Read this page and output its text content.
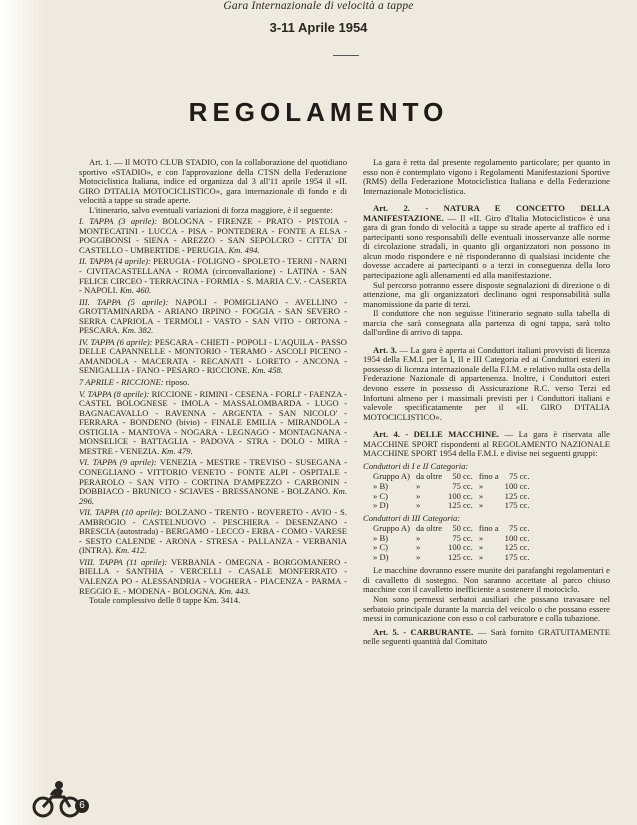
Gara Internazionale di velocità a tappe
3-11 Aprile 1954
REGOLAMENTO

Art. 1. — Il MOTO CLUB STADIO, con la collaborazione del quotidiano sportivo «STADIO», e con l'approvazione della CTSN della Federazione Motociclistica Italiana, indice ed organizza dal 3 all'11 aprile 1954 il «II. GIRO D'ITALIA MOTOCICLISTICO», gara internazionale di fondo e di velocità a tappe su strade aperte.

L'itinerario, salvo eventuali variazioni di forza maggiore, è il seguente:

I. TAPPA (3 aprile): BOLOGNA - FIRENZE - PRATO - PISTOIA - MONTECATINI - LUCCA - PISA - PONTEDERA - FONTE A ELSA - POGGIBONSI - SIENA - AREZZO - SAN SEPOLCRO - CITTA' DI CASTELLO - UMBERTIDE - PERUGIA. Km. 494.

II. TAPPA (4 aprile): PERUGIA - FOLIGNO - SPOLETO - TERNI - NARNI - CIVITACASTELLANA - ROMA (circonvallazione) - LATINA - SAN FELICE CIRCEO - TERRACINA - FORMIA - S. MARIA C.V. - CASERTA - NAPOLI. Km. 460.

III. TAPPA (5 aprile): NAPOLI - POMIGLIANO - AVELLINO - GROTTAMINARDA - ARIANO IRPINO - FOGGIA - SAN SEVERO - SERRA CAPRIOLA - TERMOLI - VASTO - SAN VITO - ORTONA - PESCARA. Km. 382.

IV. TAPPA (6 aprile): PESCARA - CHIETI - POPOLI - L'AQUILA - PASSO DELLE CAPANNELLE - MONTORIO - TERAMO - ASCOLI PICENO - AMANDOLA - MACERATA - RECANATI - LORETO - ANCONA - SENIGALLIA - FANO - PESARO - RICCIONE. Km. 458.

7 APRILE - RICCIONE: riposo.

V. TAPPA (8 aprile): RICCIONE - RIMINI - CESENA - FORLI' - FAENZA - CASTEL BOLOGNESE - IMOLA - MASSALOMBARDA - LUGO - BAGNACAVALLO - RAVENNA - ARGENTA - SAN NICOLO' - FERRARA - BONDENO (bivio) - FINALE EMILIA - MIRANDOLA - OSTIGLIA - MANTOVA - NOGARA - LEGNAGO - MONTAGNANA - MONSELICE - BATTAGLIA - PADOVA - STRA - DOLO - MIRA - MESTRE - VENEZIA. Km. 479.

VI. TAPPA (9 aprile): VENEZIA - MESTRE - TREVISO - SUSEGANA - CONEGLIANO - VITTORIO VENETO - FONTE ALPI - OSPITALE - PERAROLO - SAN VITO - CORTINA D'AMPEZZO - CARBONIN - DOBBIACO - BRUNICO - SCIAVES - BRESSANONE - BOLZANO. Km. 296.

VII. TAPPA (10 aprile): BOLZANO - TRENTO - ROVERETO - AVIO - S. AMBROGIO - CASTELNUOVO - PESCHIERA - DESENZANO - BRESCIA (autostrada) - BERGAMO - LECCO - ERBA - COMO - VARESE - SESTO CALENDE - ARONA - STRESA - PALLANZA - VERBANIA (INTRA). Km. 412.

VIII. TAPPA (11 aprile): VERBANIA - OMEGNA - BORGOMANERO - BIELLA - SANTHIA - VERCELLI - CASALE MONFERRATO - VALENZA PO - ALESSANDRIA - VOGHERA - PIACENZA - PARMA - REGGIO E. - MODENA - BOLOGNA. Km. 443.

Totale complessivo delle 8 tappe Km. 3414.

La gara è retta dal presente regolamento particolare; per quanto in esso non è contemplato vigono i Regolamenti Manifestazioni Sportive (RMS) della Federazione Motociclistica Italiana e della Federazione Internazionale Motociclistica.

Art. 2. - NATURA E CONCETTO DELLA MANIFESTAZIONE. — Il «II. Giro d'Italia Motociclistico» è una gara di gran fondo di velocità a tappe su strade aperte al traffico ed i partecipanti sono responsabili delle eventuali inosservanze alle norme di circolazione stradali, in quanto gli organizzatori non possono in alcun modo rispondere e nè risponderanno di qualsiasi incidente che dovesse accadere ai partecipanti o a terzi in conseguenza della loro partecipazione agli allenamenti ed alla manifestazione.

Sul percorso potranno essere disposte segnalazioni di direzione o di attenzione, ma gli organizzatori declinano ogni responsabilità sulla manomissione da parte di terzi.

Il conduttore che non seguisse l'itinerario segnato sulla tabella di marcia che sarà consegnata alla partenza di ogni tappa, sarà tolto dall'ordine di arrivo di tappa.

Art. 3. — La gara è aperta ai Conduttori italiani provvisti di licenza 1954 della F.M.I. per la I, II e III Categoria ed ai Conduttori esteri in possesso di licenza internazionale della F.I.M. e relativo nulla osta della Federazione Nazionale di appartenenza. Inoltre, i Conduttori esteri devono essere in possesso di Assicurazione R.C. verso Terzi ed Infortuni almeno per i massimali previsti per i Conduttori italiani e valevole specificatamente per il «II. GIRO D'ITALIA MOTOCICLISTICO».

Art. 4. - DELLE MACCHINE. — La gara è riservata alle MACCHINE SPORT rispondenti al REGOLAMENTO NAZIONALE MACCHINE SPORT 1954 della F.M.I. e divise nei seguenti gruppi:

Conduttori di I e II Categoria:

Gruppo A)	da oltre	50 cc.	fino a	75 cc.
» B)	»	75 cc.	»	100 cc.
» C)	»	100 cc.	»	125 cc.
» D)	»	125 cc.	»	175 cc.

Conduttori di III Categoria:

Gruppo A)	da oltre	50 cc.	fino a	75 cc.
» B)	»	75 cc.	»	100 cc.
» C)	»	100 cc.	»	125 cc.
» D)	»	125 cc.	»	175 cc.

Le macchine dovranno essere munite dei parafanghi regolamentari e di cavalletto di sostegno. Non saranno accettate al parco chiuso macchine con il cavalletto inefficiente a sostenere il motociclo.

Non sono permessi serbatoi ausiliari che possano travasare nel serbatoio principale durante la marcia del veicolo o che possano essere messi in comunicazione con esso o col carburatore e colla tubazione.

Art. 5. - CARBURANTE. — Sarà fornito GRATUITAMENTE nelle seguenti quantità dal Comitato

6
